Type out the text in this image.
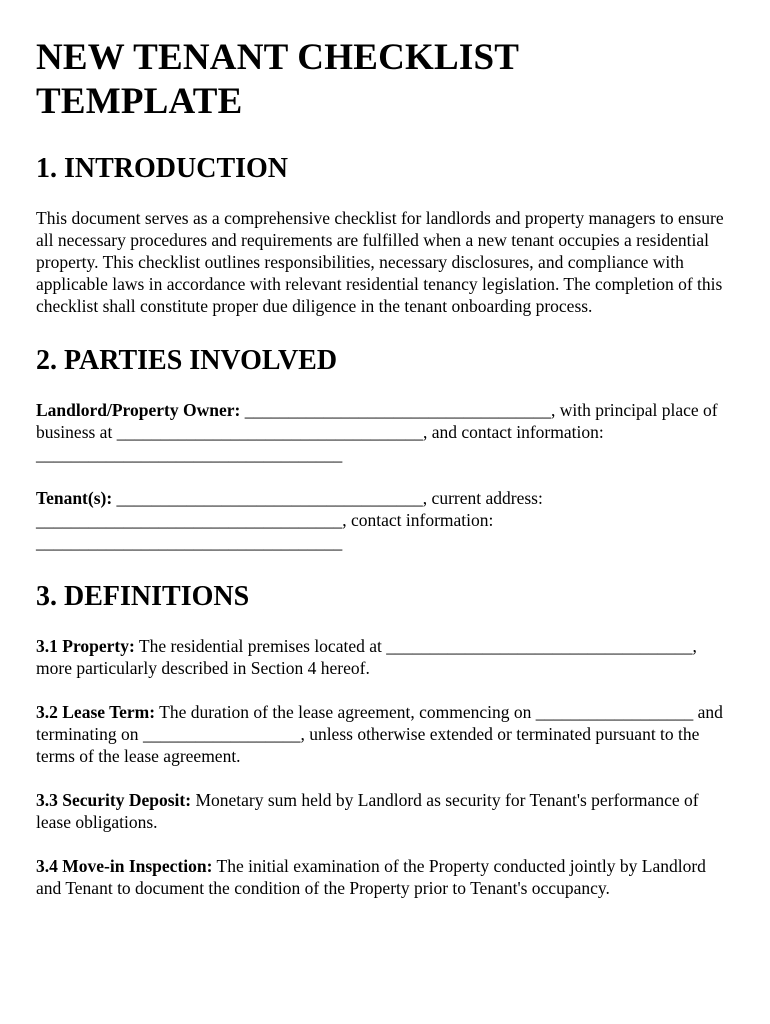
NEW TENANT CHECKLIST TEMPLATE
1. INTRODUCTION

This document serves as a comprehensive checklist for landlords and property managers to ensure all necessary procedures and requirements are fulfilled when a new tenant occupies a residential property. This checklist outlines responsibilities, necessary disclosures, and compliance with applicable laws in accordance with relevant residential tenancy legislation. The completion of this checklist shall constitute proper due diligence in the tenant onboarding process.

2. PARTIES INVOLVED

Landlord/Property Owner: ___________________________________, with principal place of business at ___________________________________, and contact information: ___________________________________

Tenant(s): ___________________________________, current address: ___________________________________, contact information: ___________________________________

3. DEFINITIONS

3.1 Property: The residential premises located at ___________________________________, more particularly described in Section 4 hereof.

3.2 Lease Term: The duration of the lease agreement, commencing on __________________ and terminating on __________________, unless otherwise extended or terminated pursuant to the terms of the lease agreement.

3.3 Security Deposit: Monetary sum held by Landlord as security for Tenant's performance of lease obligations.

3.4 Move-in Inspection: The initial examination of the Property conducted jointly by Landlord and Tenant to document the condition of the Property prior to Tenant's occupancy.
